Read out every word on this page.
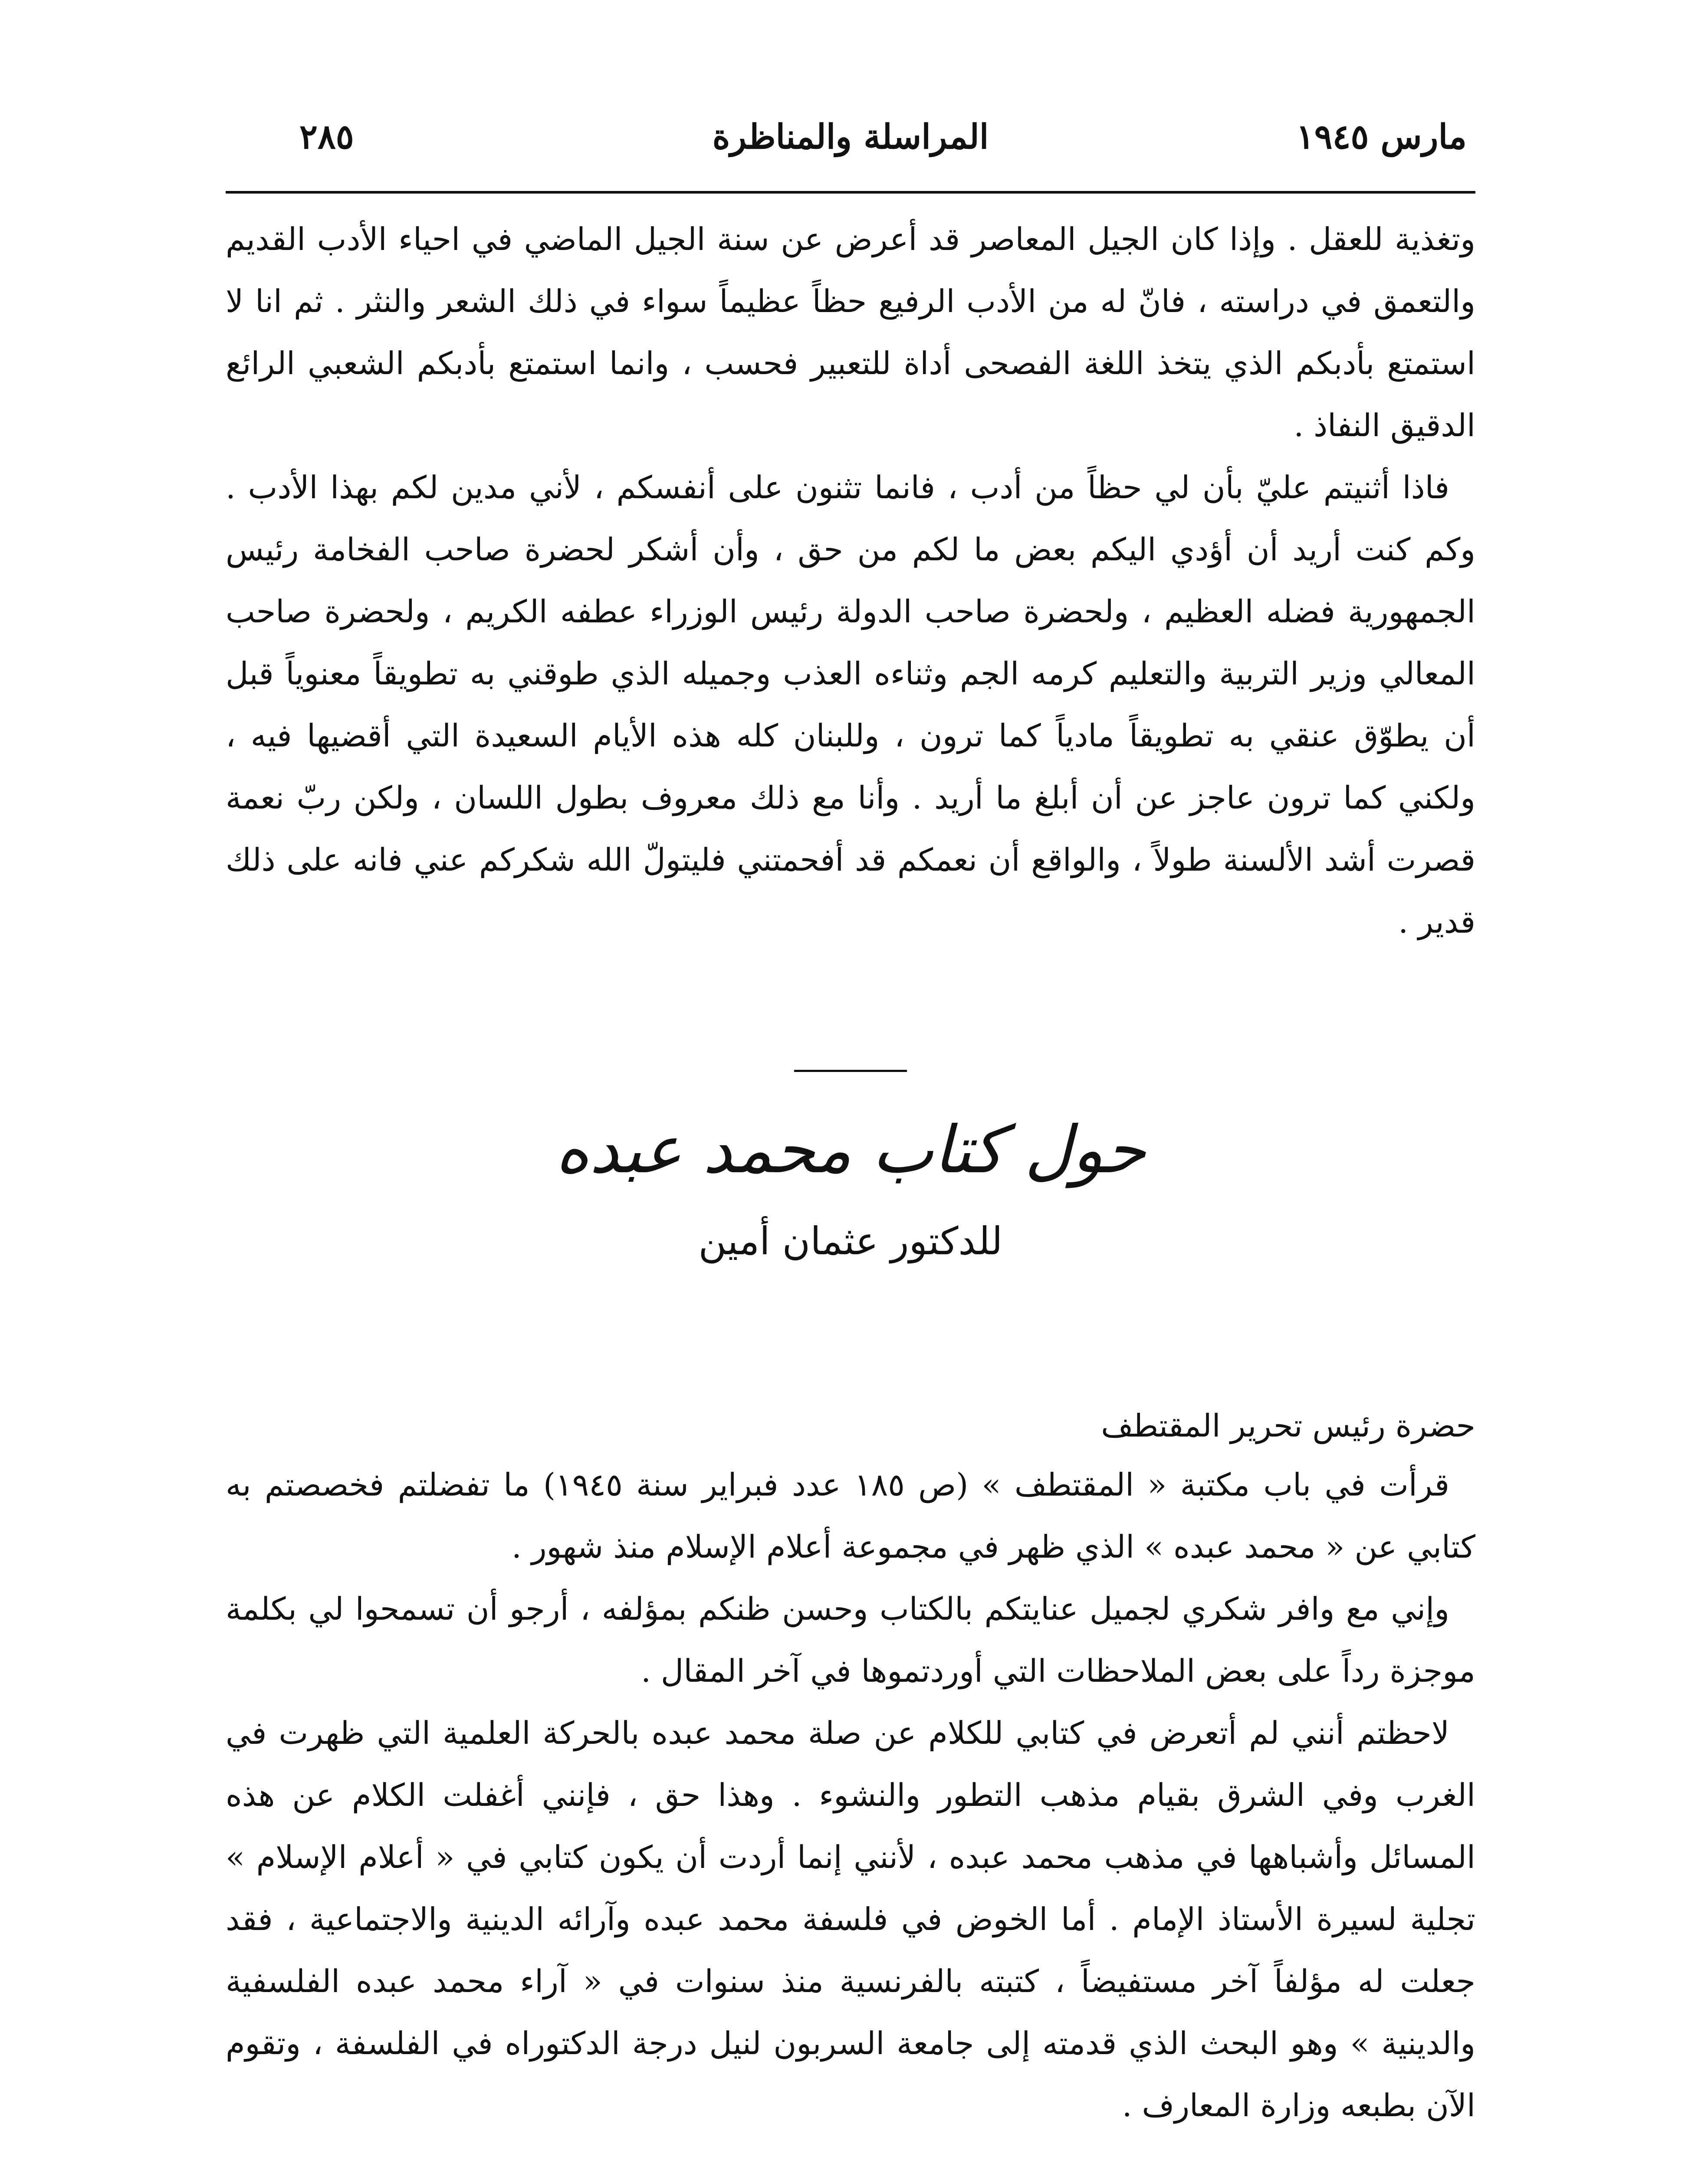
مارس ١٩٤٥
المراسلة والمناظرة
٢٨٥

وتغذية للعقل . وإذا كان الجيل المعاصر قد أعرض عن سنة الجيل الماضي في احياء الأدب القديم والتعمق في دراسته ، فانّ له من الأدب الرفيع حظاً عظيماً سواء في ذلك الشعر والنثر . ثم انا لا استمتع بأدبكم الذي يتخذ اللغة الفصحى أداة للتعبير فحسب ، وانما استمتع بأدبكم الشعبي الرائع الدقيق النفاذ .

فاذا أثنيتم عليّ بأن لي حظاً من أدب ، فانما تثنون على أنفسكم ، لأني مدين لكم بهذا الأدب . وكم كنت أريد أن أؤدي اليكم بعض ما لكم من حق ، وأن أشكر لحضرة صاحب الفخامة رئيس الجمهورية فضله العظيم ، ولحضرة صاحب الدولة رئيس الوزراء عطفه الكريم ، ولحضرة صاحب المعالي وزير التربية والتعليم كرمه الجم وثناءه العذب وجميله الذي طوقني به تطويقاً معنوياً قبل أن يطوّق عنقي به تطويقاً مادياً كما ترون ، وللبنان كله هذه الأيام السعيدة التي أقضيها فيه ، ولكني كما ترون عاجز عن أن أبلغ ما أريد . وأنا مع ذلك معروف بطول اللسان ، ولكن ربّ نعمة قصرت أشد الألسنة طولاً ، والواقع أن نعمكم قد أفحمتني فليتولّ الله شكركم عني فانه على ذلك قدير .

حول كتاب محمد عبده
للدكتور عثمان أمين
حضرة رئيس تحرير المقتطف

قرأت في باب مكتبة « المقتطف » (ص ١٨٥ عدد فبراير سنة ١٩٤٥) ما تفضلتم فخصصتم به كتابي عن « محمد عبده » الذي ظهر في مجموعة أعلام الإسلام منذ شهور .

وإني مع وافر شكري لجميل عنايتكم بالكتاب وحسن ظنكم بمؤلفه ، أرجو أن تسمحوا لي بكلمة موجزة رداً على بعض الملاحظات التي أوردتموها في آخر المقال .

لاحظتم أنني لم أتعرض في كتابي للكلام عن صلة محمد عبده بالحركة العلمية التي ظهرت في الغرب وفي الشرق بقيام مذهب التطور والنشوء . وهذا حق ، فإنني أغفلت الكلام عن هذه المسائل وأشباهها في مذهب محمد عبده ، لأنني إنما أردت أن يكون كتابي في « أعلام الإسلام » تجلية لسيرة الأستاذ الإمام . أما الخوض في فلسفة محمد عبده وآرائه الدينية والاجتماعية ، فقد جعلت له مؤلفاً آخر مستفيضاً ، كتبته بالفرنسية منذ سنوات في « آراء محمد عبده الفلسفية والدينية » وهو البحث الذي قدمته إلى جامعة السربون لنيل درجة الدكتوراه في الفلسفة ، وتقوم الآن بطبعه وزارة المعارف .
